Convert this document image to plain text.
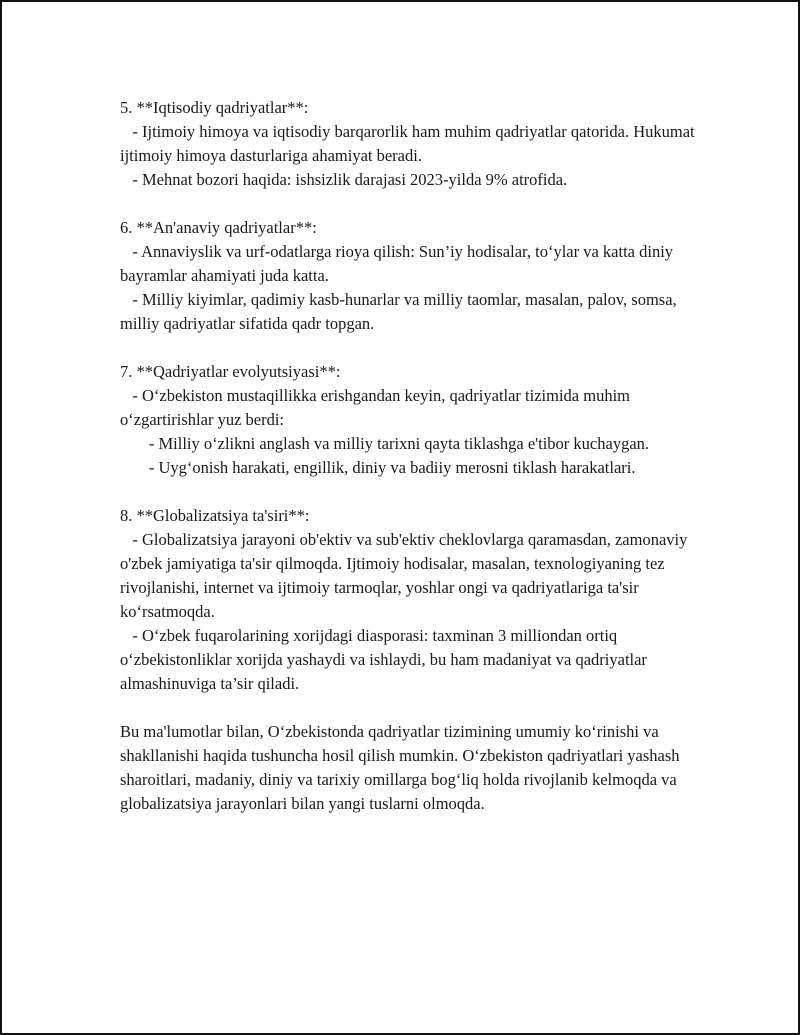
5. **Iqtisodiy qadriyatlar**:

- Ijtimoiy himoya va iqtisodiy barqarorlik ham muhim qadriyatlar qatorida. Hukumat ijtimoiy himoya dasturlariga ahamiyat beradi.

- Mehnat bozori haqida: ishsizlik darajasi 2023-yilda 9% atrofida.

6. **An'anaviy qadriyatlar**:

- Annaviyslik va urf-odatlarga rioya qilish: Sun’iy hodisalar, to‘ylar va katta diniy bayramlar ahamiyati juda katta.

- Milliy kiyimlar, qadimiy kasb-hunarlar va milliy taomlar, masalan, palov, somsa, milliy qadriyatlar sifatida qadr topgan.

7. **Qadriyatlar evolyutsiyasi**:

- O‘zbekiston mustaqillikka erishgandan keyin, qadriyatlar tizimida muhim o‘zgartirishlar yuz berdi:

- Milliy o‘zlikni anglash va milliy tarixni qayta tiklashga e'tibor kuchaygan.

- Uyg‘onish harakati, engillik, diniy va badiiy merosni tiklash harakatlari.

8. **Globalizatsiya ta'siri**:

- Globalizatsiya jarayoni ob'ektiv va sub'ektiv cheklovlarga qaramasdan, zamonaviy o'zbek jamiyatiga ta'sir qilmoqda. Ijtimoiy hodisalar, masalan, texnologiyaning tez rivojlanishi, internet va ijtimoiy tarmoqlar, yoshlar ongi va qadriyatlariga ta'sir ko‘rsatmoqda.

- O‘zbek fuqarolarining xorijdagi diasporasi: taxminan 3 milliondan ortiq o‘zbekistonliklar xorijda yashaydi va ishlaydi, bu ham madaniyat va qadriyatlar almashinuviga ta’sir qiladi.

Bu ma'lumotlar bilan, O‘zbekistonda qadriyatlar tizimining umumiy ko‘rinishi va shakllanishi haqida tushuncha hosil qilish mumkin. O‘zbekiston qadriyatlari yashash sharoitlari, madaniy, diniy va tarixiy omillarga bog‘liq holda rivojlanib kelmoqda va globalizatsiya jarayonlari bilan yangi tuslarni olmoqda.
